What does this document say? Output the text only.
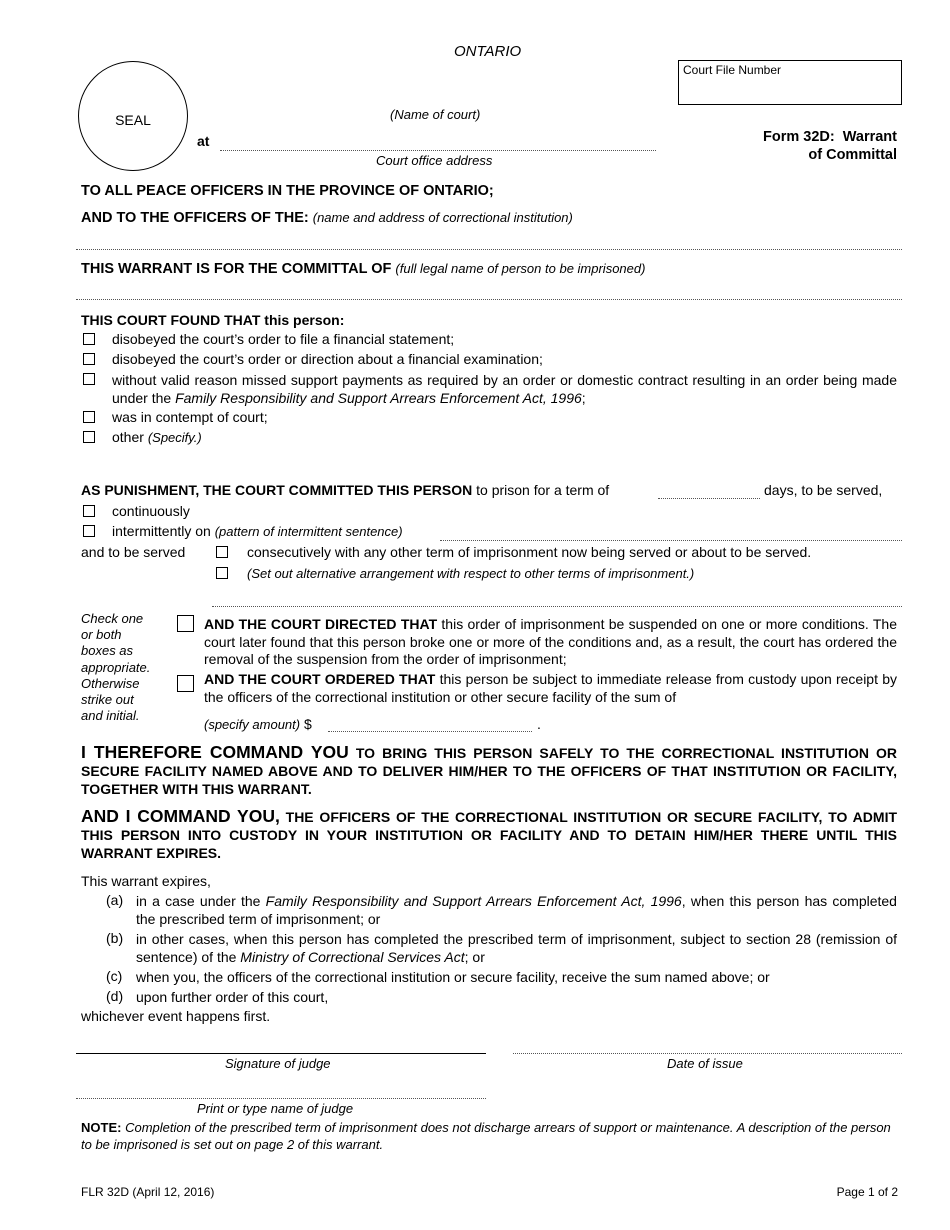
ONTARIO
SEAL	(Name of court)
at
Court office address
Court File Number
Form 32D:  Warrant
of Committal
TO ALL PEACE OFFICERS IN THE PROVINCE OF ONTARIO;
AND TO THE OFFICERS OF THE: (name and address of correctional institution)
THIS WARRANT IS FOR THE COMMITTAL OF (full legal name of person to be imprisoned)
THIS COURT FOUND THAT this person:
disobeyed the court’s order to file a financial statement;
disobeyed the court’s order or direction about a financial examination;
without valid reason missed support payments as required by an order or domestic contract resulting in an order being made under the Family Responsibility and Support Arrears Enforcement Act, 1996;
was in contempt of court;
other (Specify.)
AS PUNISHMENT, THE COURT COMMITTED THIS PERSON to prison for a term of	days, to be served,
continuously
intermittently on (pattern of intermittent sentence)
and to be served	consecutively with any other term of imprisonment now being served or about to be served.
(Set out alternative arrangement with respect to other terms of imprisonment.)
Check one
or both
boxes as
appropriate.
Otherwise
strike out
and initial.
AND THE COURT DIRECTED THAT this order of imprisonment be suspended on one or more conditions. The court later found that this person broke one or more of the conditions and, as a result, the court has ordered the removal of the suspension from the order of imprisonment;
AND THE COURT ORDERED THAT this person be subject to immediate release from custody upon receipt by the officers of the correctional institution or other secure facility of the sum of
(specify amount) $	.
I THEREFORE COMMAND YOU TO BRING THIS PERSON SAFELY TO THE CORRECTIONAL INSTITUTION OR SECURE FACILITY NAMED ABOVE AND TO DELIVER HIM/HER TO THE OFFICERS OF THAT INSTITUTION OR FACILITY, TOGETHER WITH THIS WARRANT.
AND I COMMAND YOU, THE OFFICERS OF THE CORRECTIONAL INSTITUTION OR SECURE FACILITY, TO ADMIT THIS PERSON INTO CUSTODY IN YOUR INSTITUTION OR FACILITY AND TO DETAIN HIM/HER THERE UNTIL THIS WARRANT EXPIRES.
This warrant expires,
(a) in a case under the Family Responsibility and Support Arrears Enforcement Act, 1996, when this person has completed the prescribed term of imprisonment; or
(b) in other cases, when this person has completed the prescribed term of imprisonment, subject to section 28 (remission of sentence) of the Ministry of Correctional Services Act; or
(c) when you, the officers of the correctional institution or secure facility, receive the sum named above; or
(d) upon further order of this court,
whichever event happens first.
Signature of judge	Date of issue
Print or type name of judge
NOTE: Completion of the prescribed term of imprisonment does not discharge arrears of support or maintenance. A description of the person to be imprisoned is set out on page 2 of this warrant.
FLR 32D (April 12, 2016)	Page 1 of 2
